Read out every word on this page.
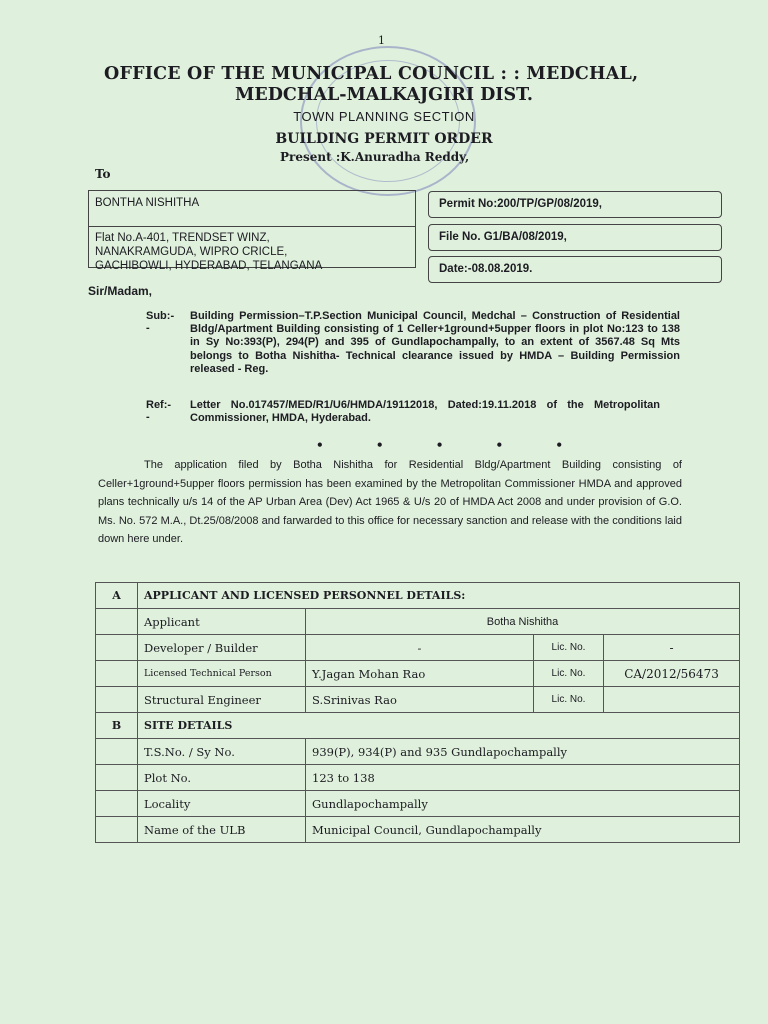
1
OFFICE OF THE MUNICIPAL COUNCIL : : MEDCHAL,
MEDCHAL-MALKAJGIRI DIST.
TOWN PLANNING SECTION
BUILDING PERMIT ORDER
Present :K.Anuradha Reddy,
To
BONTHA NISHITHA
Flat No.A-401, TRENDSET WINZ,
NANAKRAMGUDA, WIPRO CRICLE,
GACHIBOWLI, HYDERABAD, TELANGANA
Permit No:200/TP/GP/08/2019,
File No. G1/BA/08/2019,
Date:-08.08.2019.
Sir/Madam,
Sub:--
Building Permission–T.P.Section Municipal Council, Medchal – Construction of Residential Bldg/Apartment Building consisting of 1 Celler+1ground+5upper floors in plot No:123 to 138 in Sy No:393(P), 294(P) and 395 of Gundlapochampally, to an extent of 3567.48 Sq Mts belongs to Botha Nishitha- Technical clearance issued by HMDA – Building Permission released - Reg.
Ref:--
Letter No.017457/MED/R1/U6/HMDA/19112018, Dated:19.11.2018 of the Metropolitan Commissioner, HMDA, Hyderabad.
• • • • •
The application filed by Botha Nishitha for Residential Bldg/Apartment Building consisting of Celler+1ground+5upper floors permission has been examined by the Metropolitan Commissioner HMDA and approved plans technically u/s 14 of the AP Urban Area (Dev) Act 1965 & U/s 20 of HMDA Act 2008 and under provision of G.O. Ms. No. 572 M.A., Dt.25/08/2008 and farwarded to this office for necessary sanction and release with the conditions laid down here under.
A	APPLICANT AND LICENSED PERSONNEL DETAILS:			
	Applicant	Botha Nishitha		
	Developer / Builder	-	Lic. No.	-
	Licensed Technical Person	Y.Jagan Mohan Rao	Lic. No.	CA/2012/56473
	Structural Engineer	S.Srinivas Rao	Lic. No.	
B	SITE DETAILS			
	T.S.No. / Sy No.	939(P), 934(P) and 935 Gundlapochampally		
	Plot No.	123 to 138		
	Locality	Gundlapochampally		
	Name of the ULB	Municipal Council, Gundlapochampally		
